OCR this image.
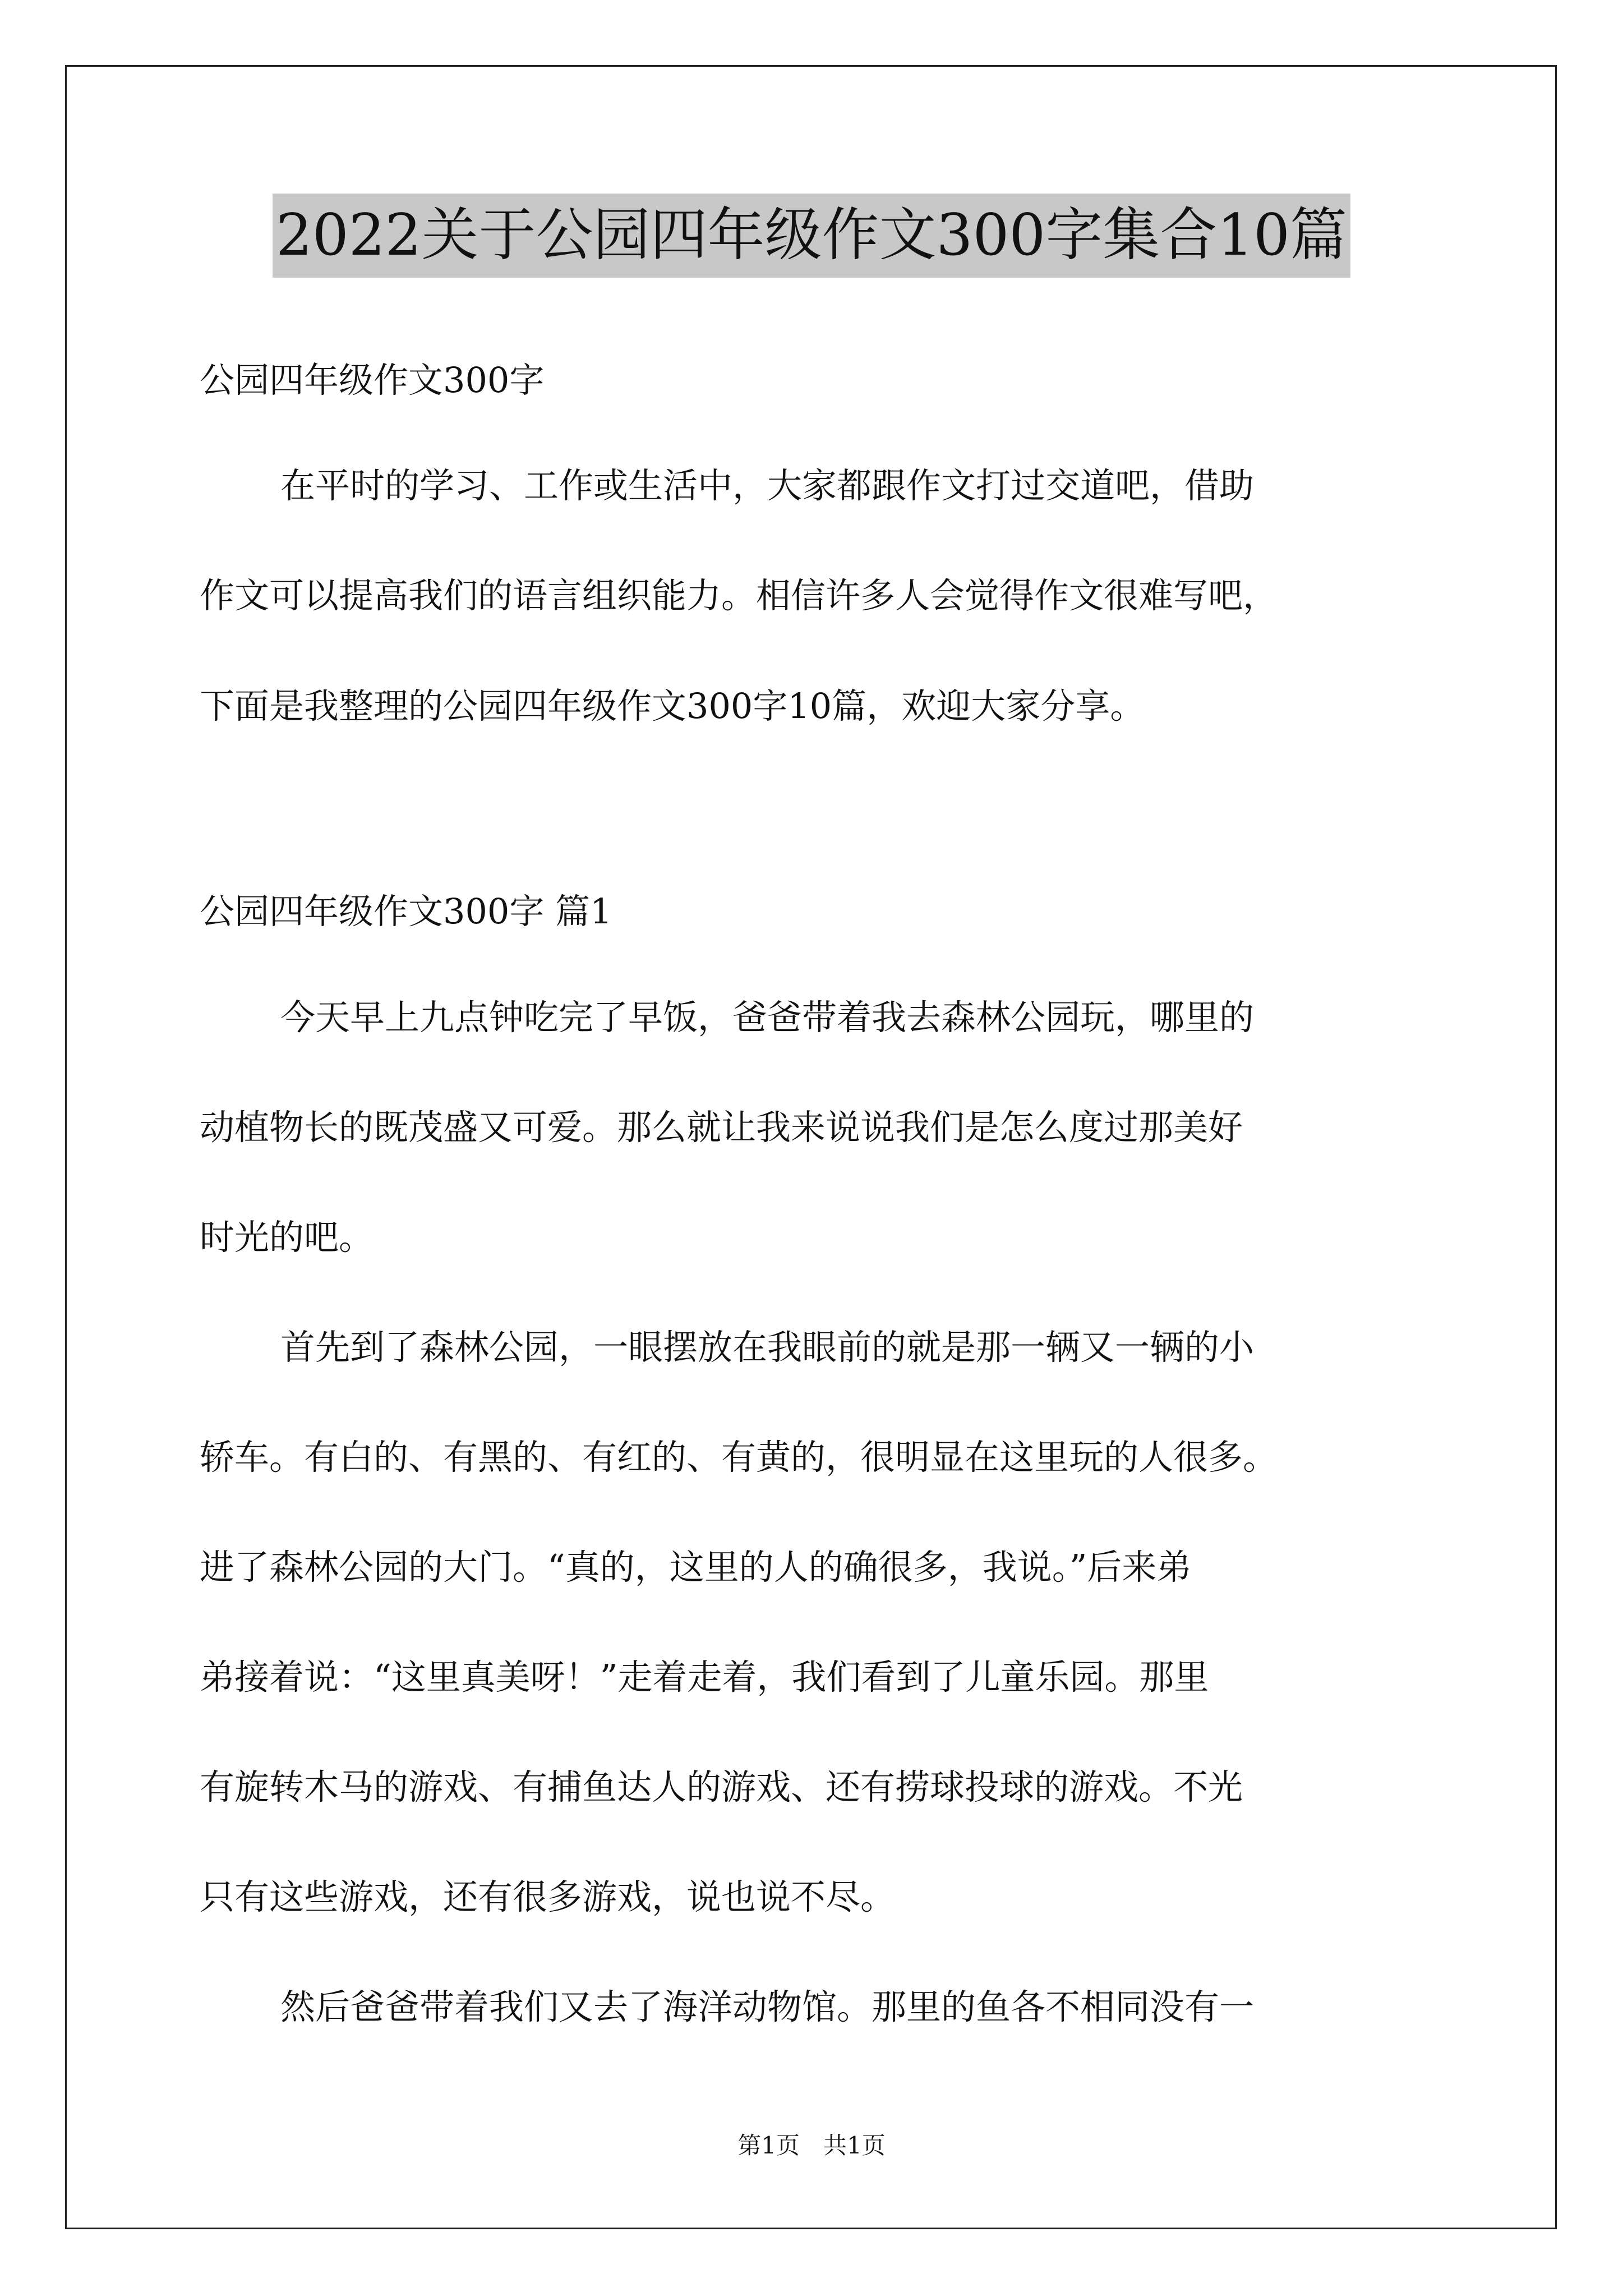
2022关于公园四年级作文300字集合10篇
公园四年级作文300字
在平时的学习、工作或生活中，大家都跟作文打过交道吧，借助
作文可以提高我们的语言组织能力。相信许多人会觉得作文很难写吧，
下面是我整理的公园四年级作文300字10篇，欢迎大家分享。
公园四年级作文300字 篇1
今天早上九点钟吃完了早饭，爸爸带着我去森林公园玩，哪里的
动植物长的既茂盛又可爱。那么就让我来说说我们是怎么度过那美好
时光的吧。
首先到了森林公园，一眼摆放在我眼前的就是那一辆又一辆的小
轿车。有白的、有黑的、有红的、有黄的，很明显在这里玩的人很多。
进了森林公园的大门。“真的，这里的人的确很多，我说。”后来弟
弟接着说：“这里真美呀！”走着走着，我们看到了儿童乐园。那里
有旋转木马的游戏、有捕鱼达人的游戏、还有捞球投球的游戏。不光
只有这些游戏，还有很多游戏，说也说不尽。
然后爸爸带着我们又去了海洋动物馆。那里的鱼各不相同没有一
第1页　共1页
